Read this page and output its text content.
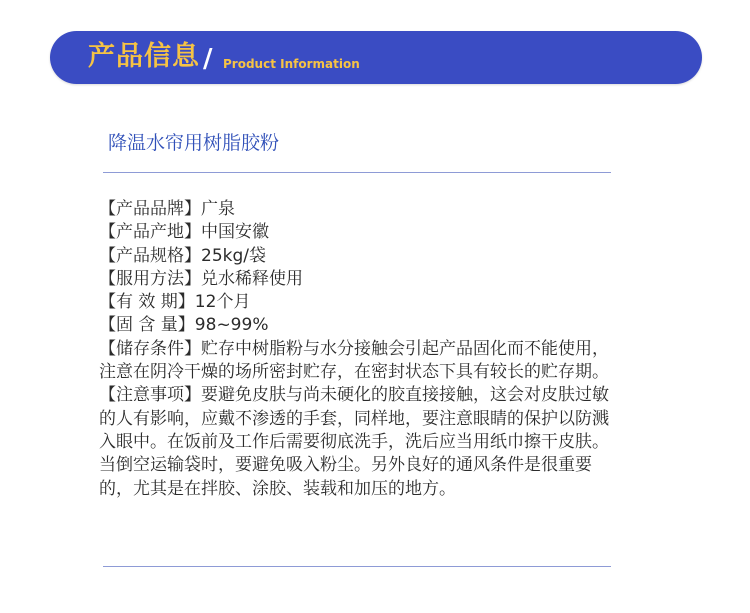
产品信息 / Product Information
降温水帘用树脂胶粉

【产品品牌】广泉

【产品产地】中国安徽

【产品规格】25kg/袋

【服用方法】兑水稀释使用

【有 效 期】12个月

【固 含 量】98~99%

【储存条件】贮存中树脂粉与水分接触会引起产品固化而不能使用，注意在阴冷干燥的场所密封贮存，在密封状态下具有较长的贮存期。

【注意事项】要避免皮肤与尚未硬化的胶直接接触，这会对皮肤过敏的人有影响，应戴不渗透的手套，同样地，要注意眼睛的保护以防溅入眼中。在饭前及工作后需要彻底洗手，洗后应当用纸巾擦干皮肤。当倒空运输袋时，要避免吸入粉尘。另外良好的通风条件是很重要的，尤其是在拌胶、涂胶、装载和加压的地方。
